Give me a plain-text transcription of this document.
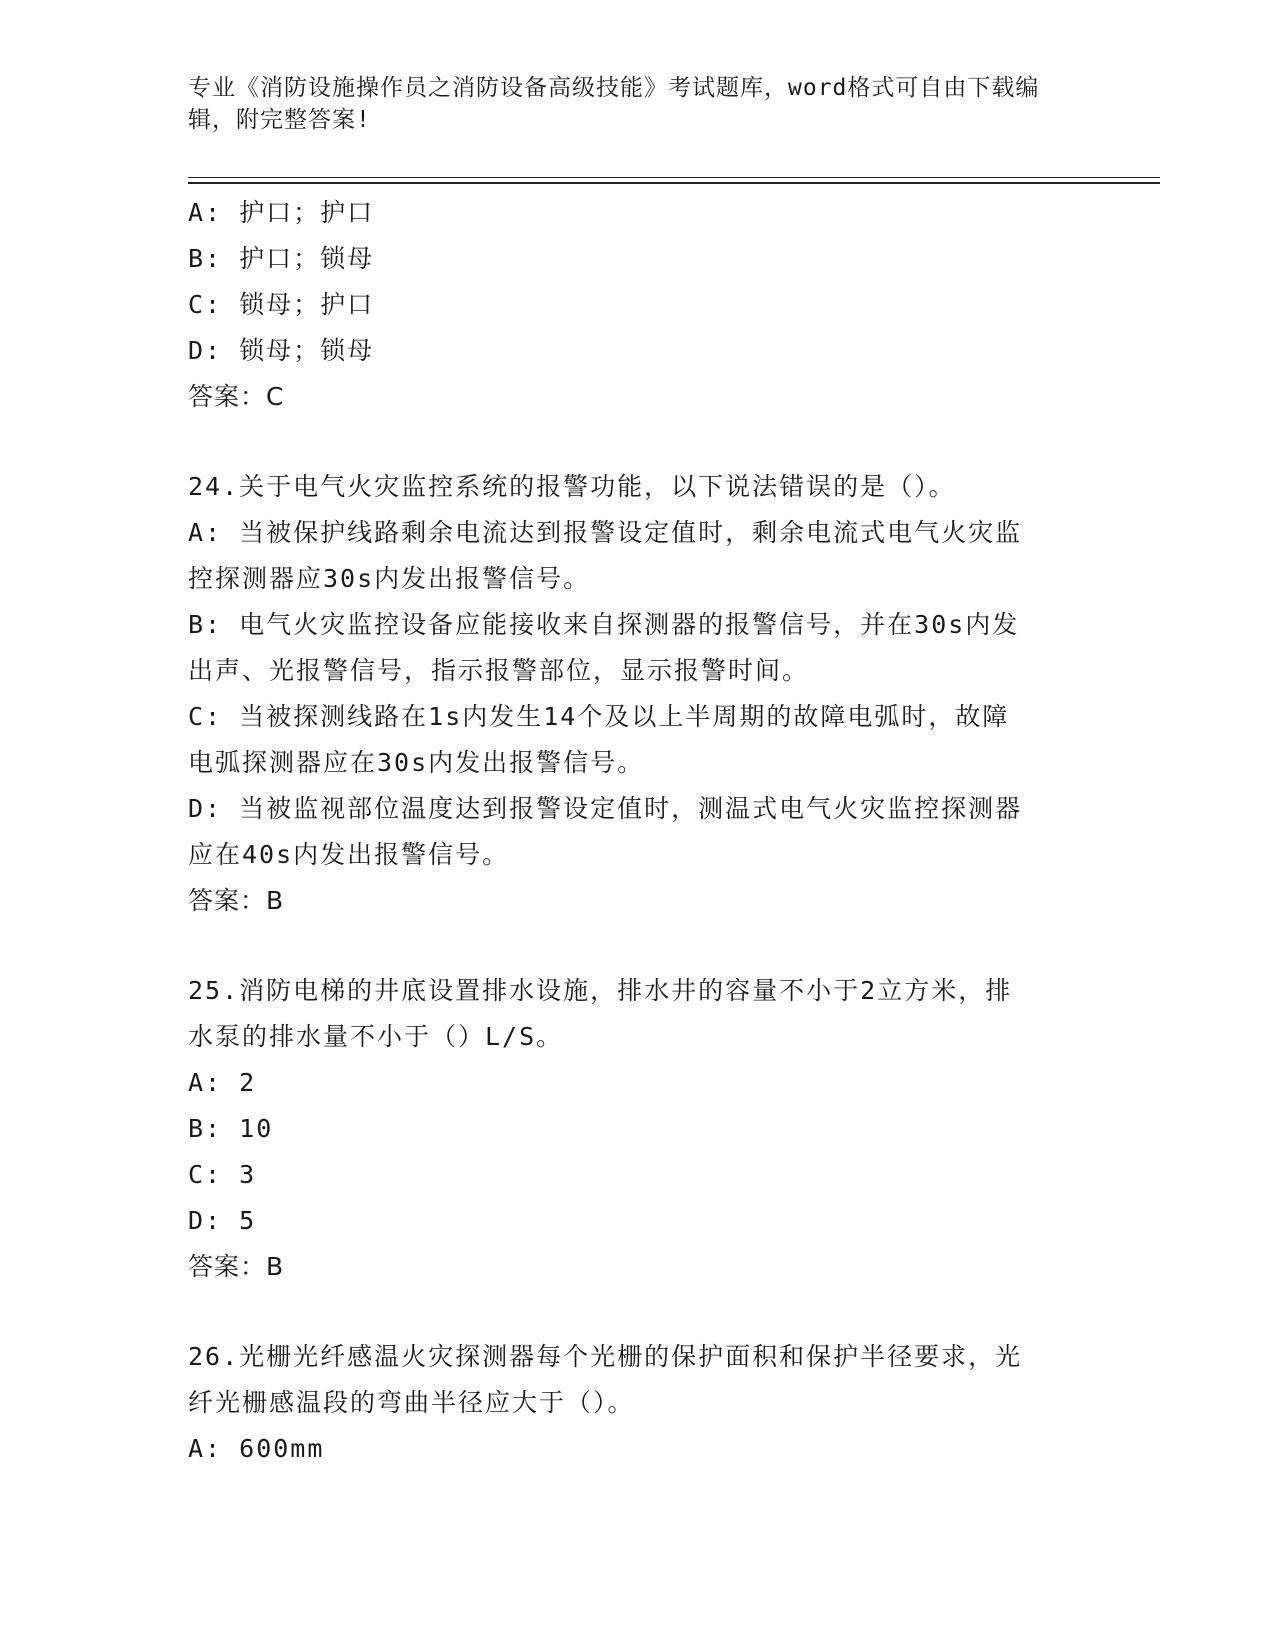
专业《消防设施操作员之消防设备高级技能》考试题库，word格式可自由下载编
辑，附完整答案!
A: 护口；护口
B: 护口；锁母
C: 锁母；护口
D: 锁母；锁母
答案：C
24.关于电气火灾监控系统的报警功能，以下说法错误的是（）。
A: 当被保护线路剩余电流达到报警设定值时，剩余电流式电气火灾监
控探测器应30s内发出报警信号。
B: 电气火灾监控设备应能接收来自探测器的报警信号，并在30s内发
出声、光报警信号，指示报警部位，显示报警时间。
C: 当被探测线路在1s内发生14个及以上半周期的故障电弧时，故障
电弧探测器应在30s内发出报警信号。
D: 当被监视部位温度达到报警设定值时，测温式电气火灾监控探测器
应在40s内发出报警信号。
答案：B
25.消防电梯的井底设置排水设施，排水井的容量不小于2立方米，排
水泵的排水量不小于（）L/S。
A: 2
B: 10
C: 3
D: 5
答案：B
26.光栅光纤感温火灾探测器每个光栅的保护面积和保护半径要求，光
纤光栅感温段的弯曲半径应大于（）。
A: 600mm
